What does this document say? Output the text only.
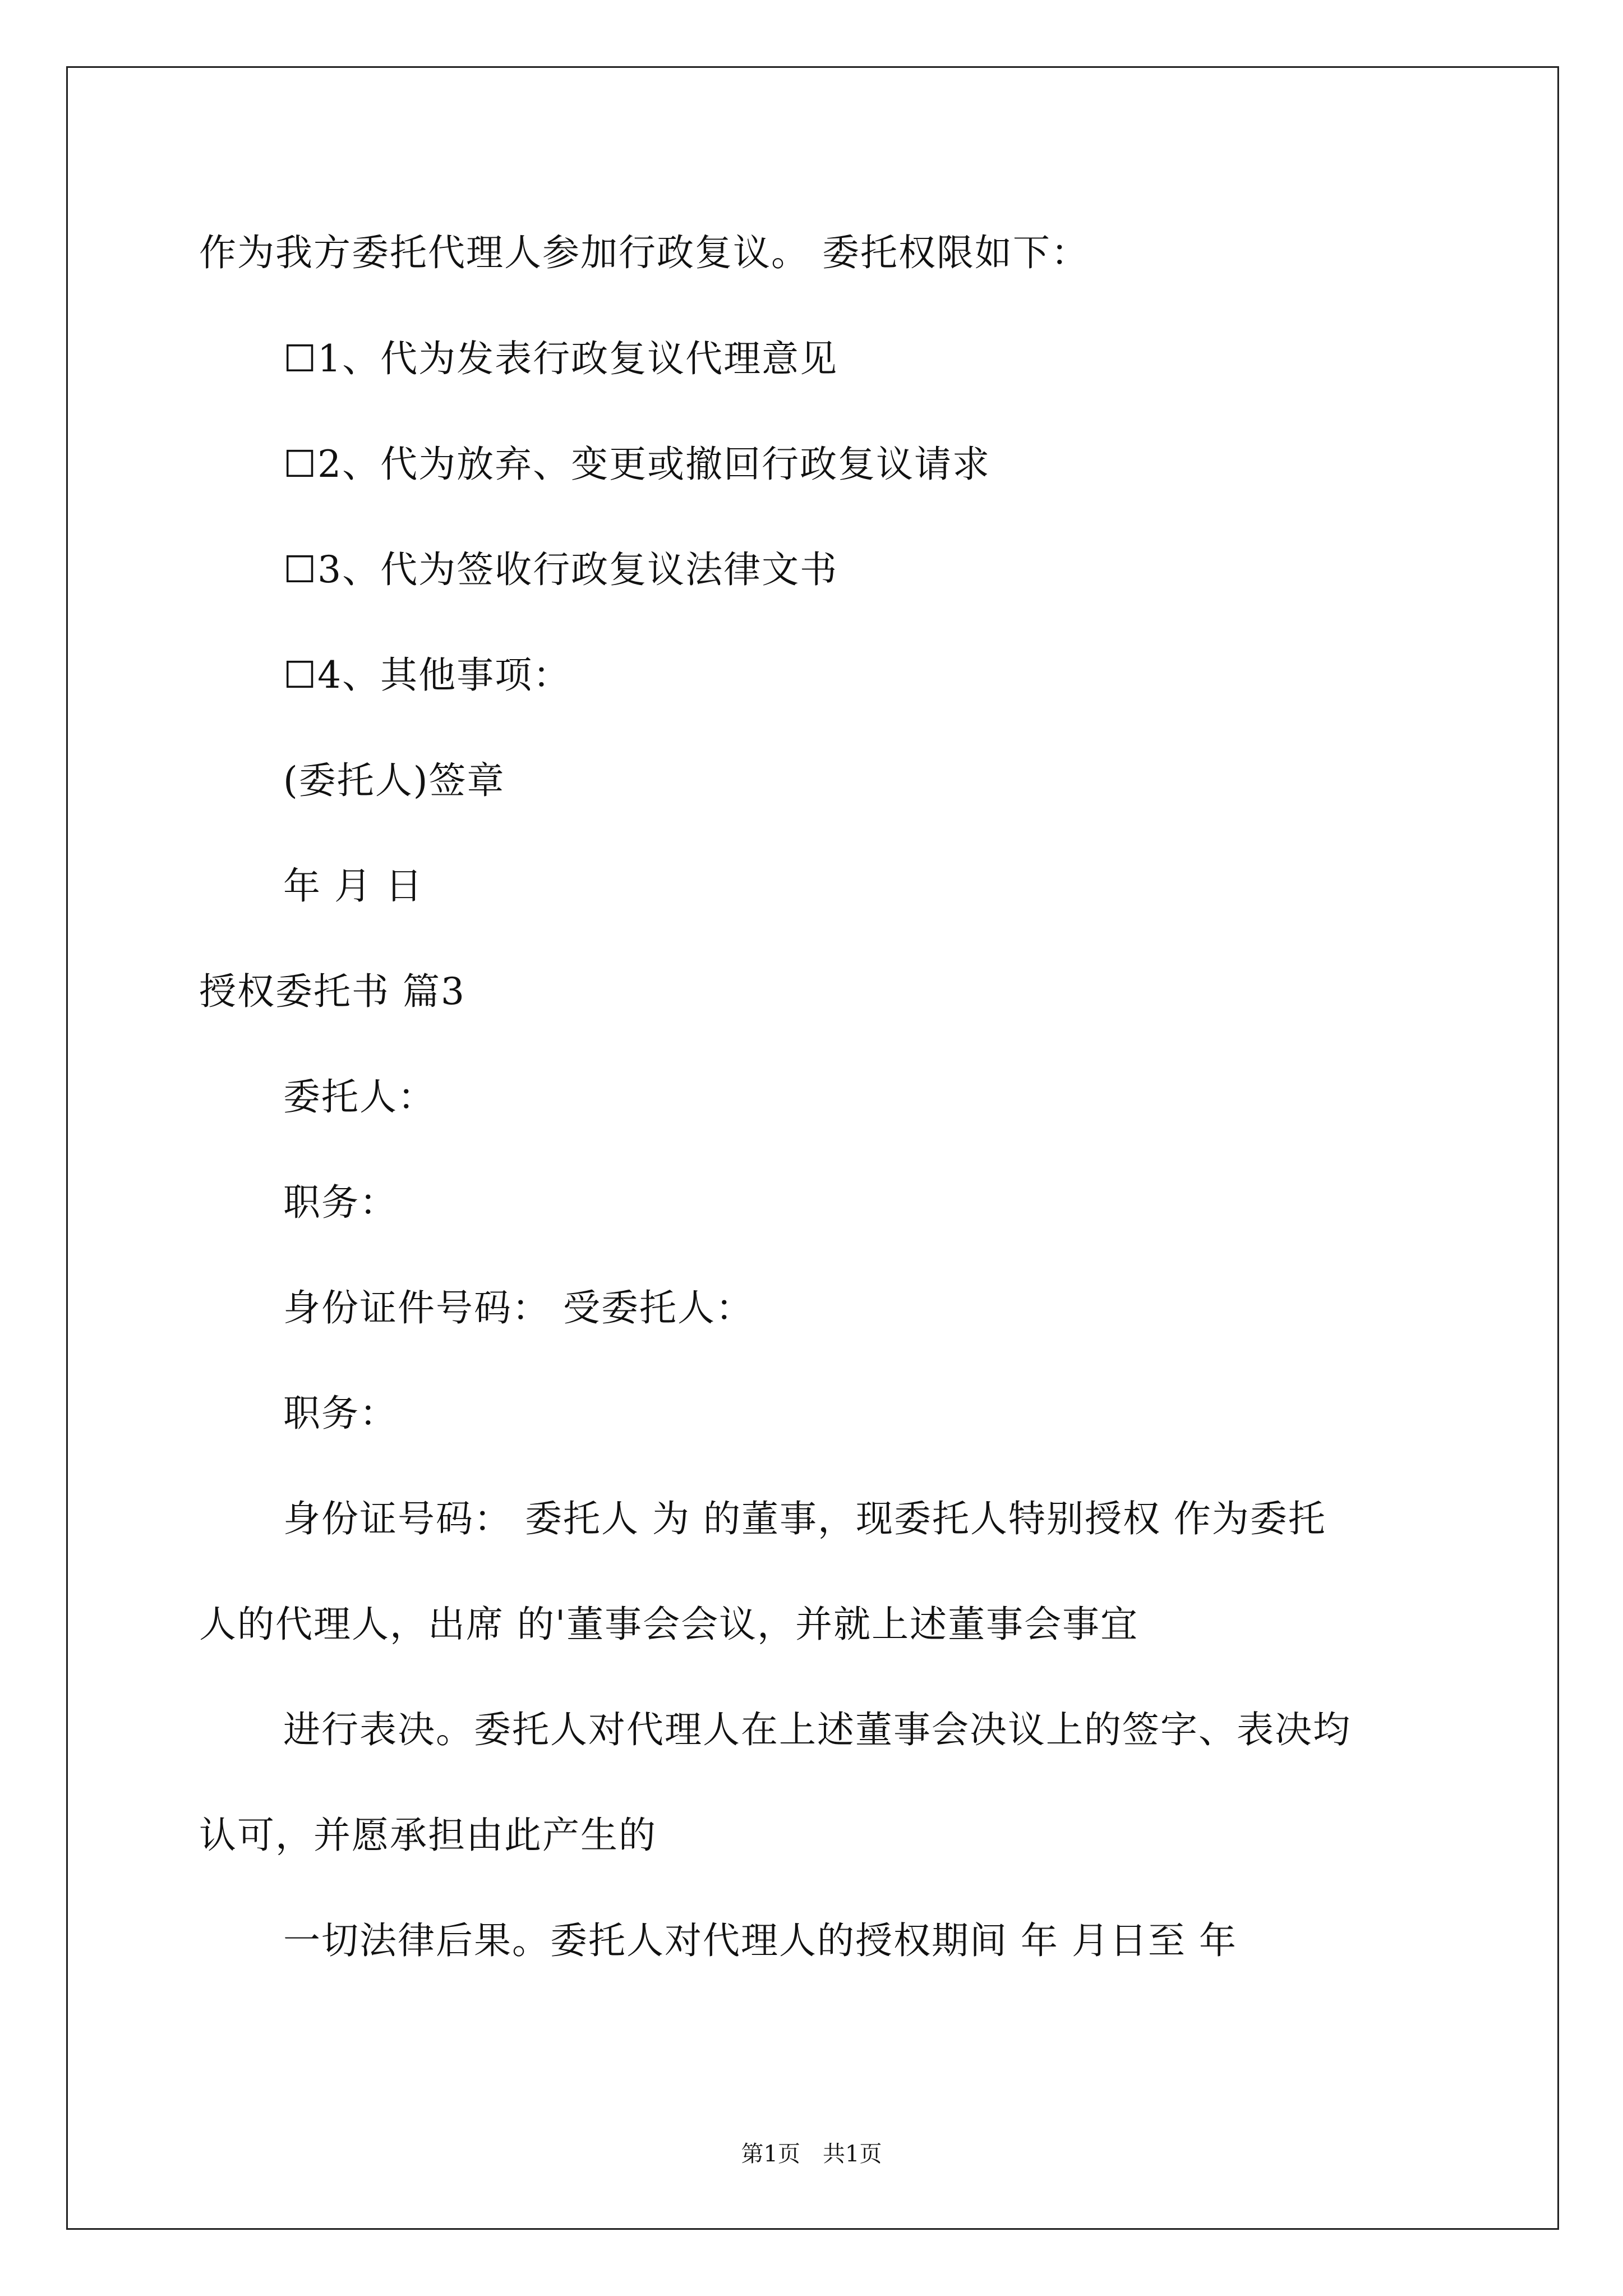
作为我方委托代理人参加行政复议。 委托权限如下：
☐1、代为发表行政复议代理意见
☐2、代为放弃、变更或撤回行政复议请求
☐3、代为签收行政复议法律文书
☐4、其他事项：
(委托人)签章
年 月 日
授权委托书 篇3
委托人：
职务：
身份证件号码： 受委托人：
职务：
身份证号码： 委托人 为 的董事，现委托人特别授权 作为委托
人的代理人，出席 的'董事会会议，并就上述董事会事宜
进行表决。委托人对代理人在上述董事会决议上的签字、表决均
认可，并愿承担由此产生的
一切法律后果。委托人对代理人的授权期间 年 月日至 年
第1页 共1页
